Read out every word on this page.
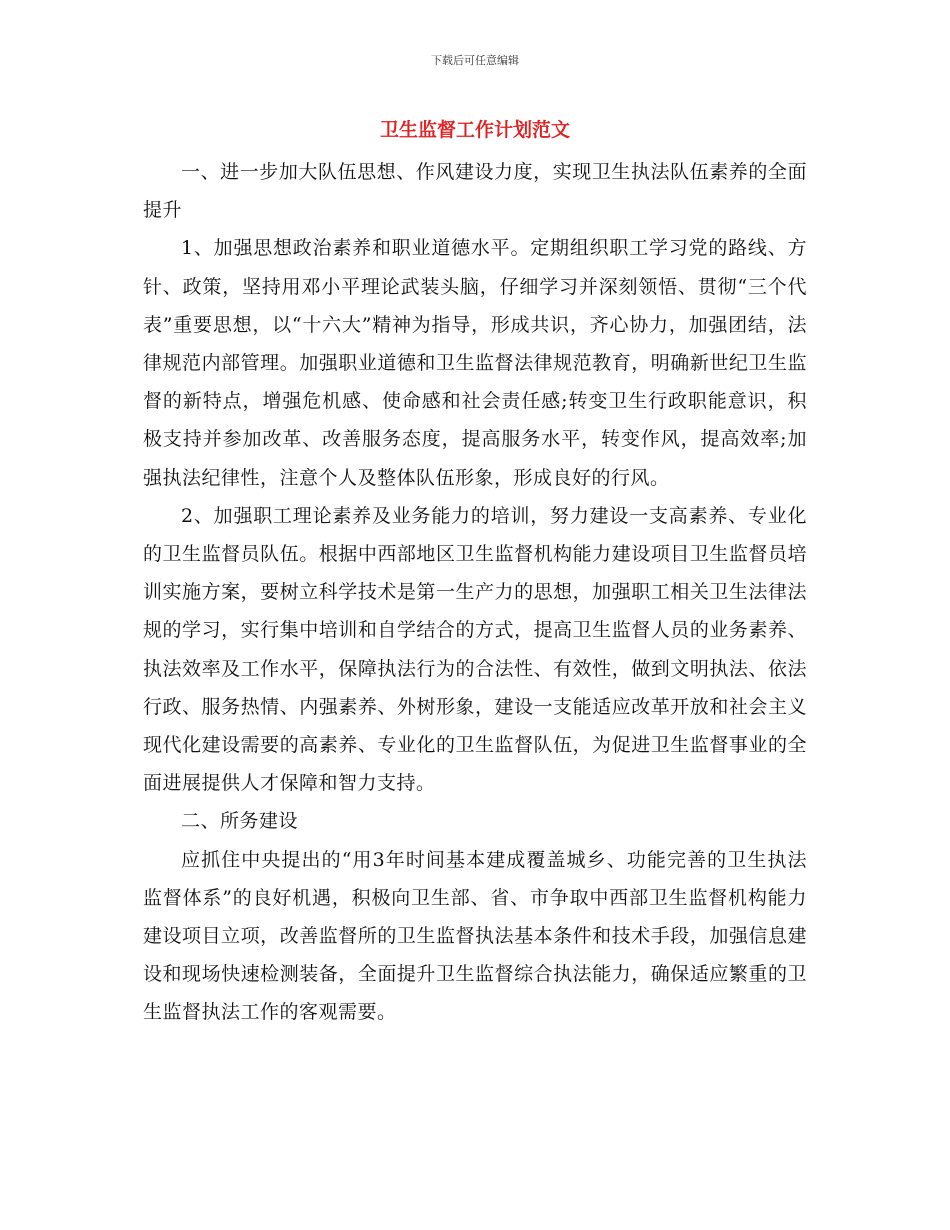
下载后可任意编辑
卫生监督工作计划范文

一、进一步加大队伍思想、作风建设力度，实现卫生执法队伍素养的全面提升

1、加强思想政治素养和职业道德水平。定期组织职工学习党的路线、方针、政策，坚持用邓小平理论武装头脑，仔细学习并深刻领悟、贯彻“三个代表”重要思想，以“十六大”精神为指导，形成共识，齐心协力，加强团结，法律规范内部管理。加强职业道德和卫生监督法律规范教育，明确新世纪卫生监督的新特点，增强危机感、使命感和社会责任感;转变卫生行政职能意识，积极支持并参加改革、改善服务态度，提高服务水平，转变作风，提高效率;加强执法纪律性，注意个人及整体队伍形象，形成良好的行风。

2、加强职工理论素养及业务能力的培训，努力建设一支高素养、专业化的卫生监督员队伍。根据中西部地区卫生监督机构能力建设项目卫生监督员培训实施方案，要树立科学技术是第一生产力的思想，加强职工相关卫生法律法规的学习，实行集中培训和自学结合的方式，提高卫生监督人员的业务素养、执法效率及工作水平，保障执法行为的合法性、有效性，做到文明执法、依法行政、服务热情、内强素养、外树形象，建设一支能适应改革开放和社会主义现代化建设需要的高素养、专业化的卫生监督队伍，为促进卫生监督事业的全面进展提供人才保障和智力支持。

二、所务建设

应抓住中央提出的“用3年时间基本建成覆盖城乡、功能完善的卫生执法监督体系”的良好机遇，积极向卫生部、省、市争取中西部卫生监督机构能力建设项目立项，改善监督所的卫生监督执法基本条件和技术手段，加强信息建设和现场快速检测装备，全面提升卫生监督综合执法能力，确保适应繁重的卫生监督执法工作的客观需要。
